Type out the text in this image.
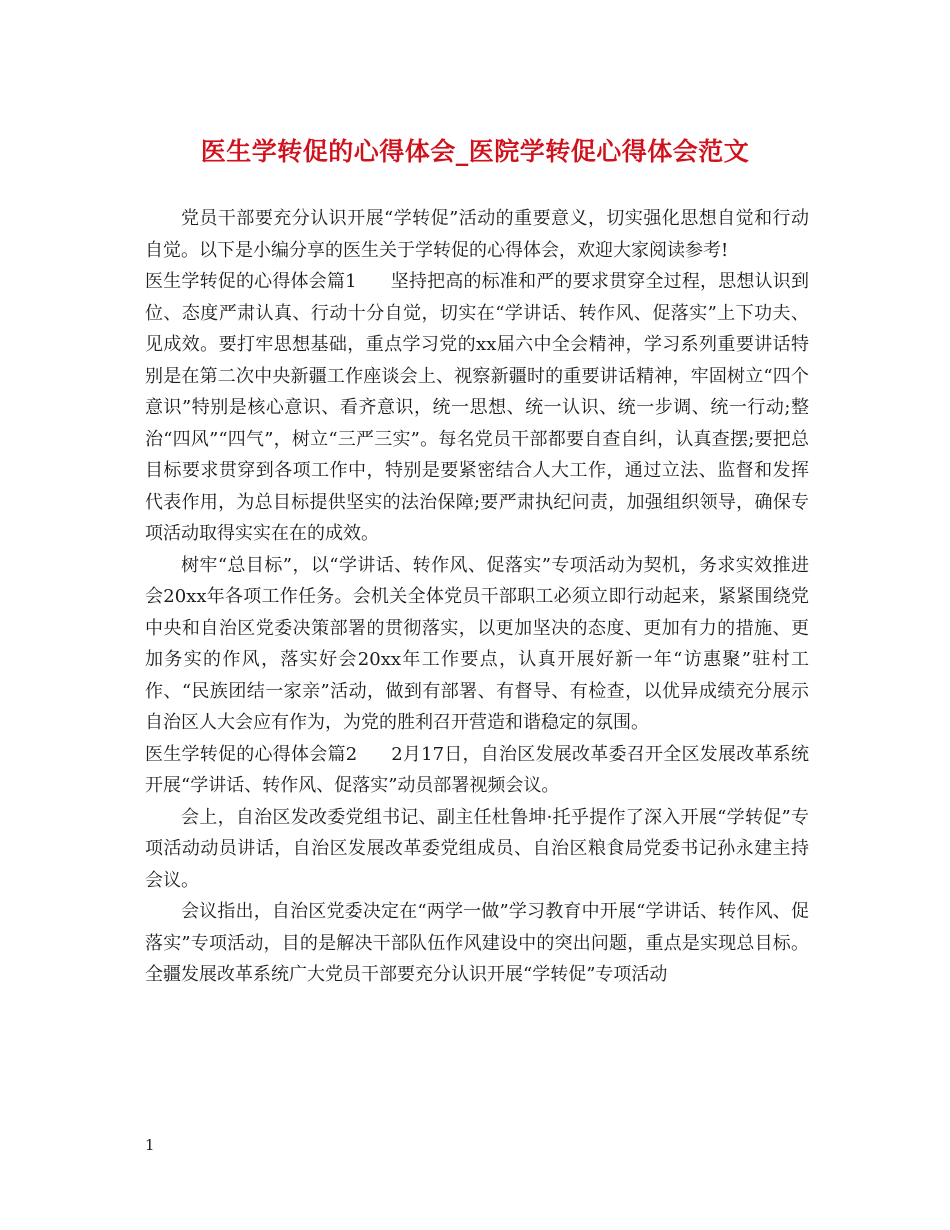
医生学转促的心得体会_医院学转促心得体会范文

党员干部要充分认识开展“学转促”活动的重要意义，切实强化思想自觉和行动自觉。以下是小编分享的医生关于学转促的心得体会，欢迎大家阅读参考!

医生学转促的心得体会篇1 坚持把高的标准和严的要求贯穿全过程，思想认识到位、态度严肃认真、行动十分自觉，切实在“学讲话、转作风、促落实”上下功夫、见成效。要打牢思想基础，重点学习党的xx届六中全会精神，学习系列重要讲话特别是在第二次中央新疆工作座谈会上、视察新疆时的重要讲话精神，牢固树立“四个意识”特别是核心意识、看齐意识，统一思想、统一认识、统一步调、统一行动;整治“四风”“四气”，树立“三严三实”。每名党员干部都要自查自纠，认真查摆;要把总目标要求贯穿到各项工作中，特别是要紧密结合人大工作，通过立法、监督和发挥代表作用，为总目标提供坚实的法治保障;要严肃执纪问责，加强组织领导，确保专项活动取得实实在在的成效。

树牢“总目标”，以“学讲话、转作风、促落实”专项活动为契机，务求实效推进会20xx年各项工作任务。会机关全体党员干部职工必须立即行动起来，紧紧围绕党中央和自治区党委决策部署的贯彻落实，以更加坚决的态度、更加有力的措施、更加务实的作风，落实好会20xx年工作要点，认真开展好新一年“访惠聚”驻村工作、“民族团结一家亲”活动，做到有部署、有督导、有检查，以优异成绩充分展示自治区人大会应有作为，为党的胜利召开营造和谐稳定的氛围。

医生学转促的心得体会篇2 2月17日，自治区发展改革委召开全区发展改革系统开展“学讲话、转作风、促落实”动员部署视频会议。

会上，自治区发改委党组书记、副主任杜鲁坤·托乎提作了深入开展“学转促”专项活动动员讲话，自治区发展改革委党组成员、自治区粮食局党委书记孙永建主持会议。

会议指出，自治区党委决定在“两学一做”学习教育中开展“学讲话、转作风、促落实”专项活动，目的是解决干部队伍作风建设中的突出问题，重点是实现总目标。全疆发展改革系统广大党员干部要充分认识开展“学转促”专项活动

1
